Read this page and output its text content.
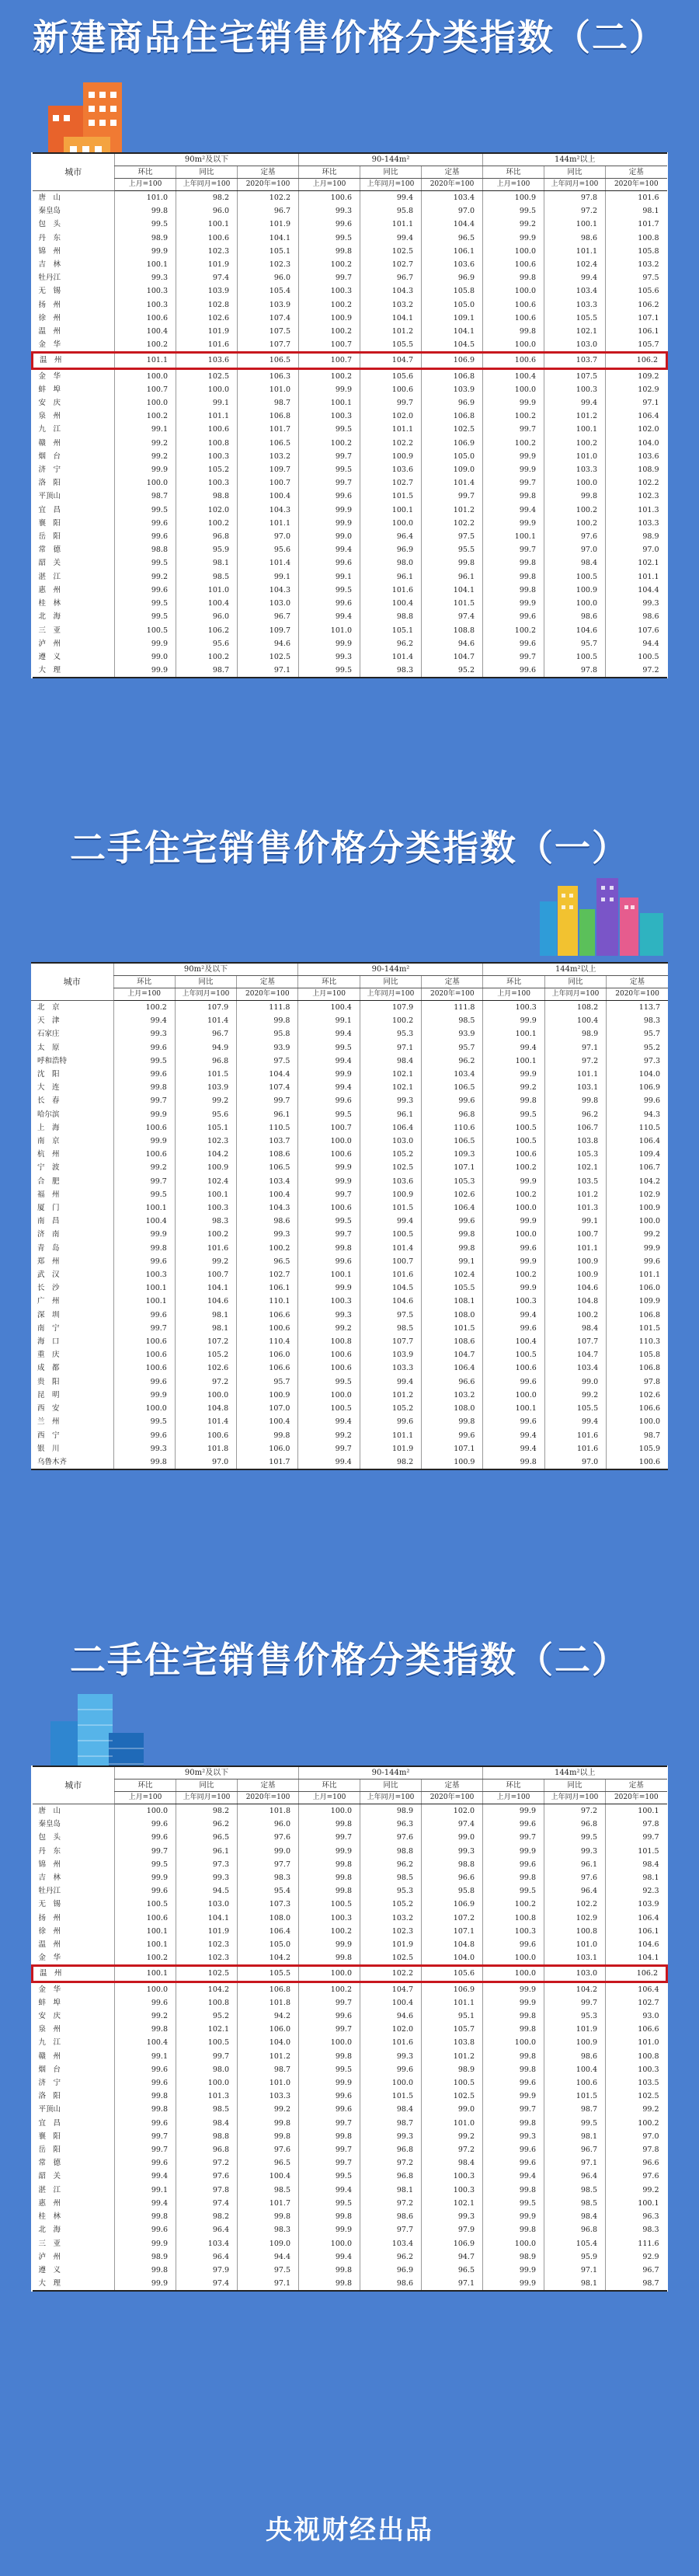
新建商品住宅销售价格分类指数（二）
城市	90m²及以下			90-144m²			144m²以上		
	环比	同比	定基	环比	同比	定基	环比	同比	定基
	上月=100	上年同月=100	2020年=100	上月=100	上年同月=100	2020年=100	上月=100	上年同月=100	2020年=100
唐　山	101.0	98.2	102.2	100.6	99.4	103.4	100.9	97.8	101.6
秦皇岛	99.8	96.0	96.7	99.3	95.8	97.0	99.5	97.2	98.1
包　头	99.5	100.1	101.9	99.6	101.1	104.4	99.2	100.1	101.7
丹　东	98.9	100.6	104.1	99.5	99.4	96.5	99.9	98.6	100.8
锦　州	99.9	102.3	105.1	99.8	102.5	106.1	100.0	101.1	105.8
吉　林	100.1	101.9	102.3	100.2	102.7	103.6	100.6	102.4	103.2
牡丹江	99.3	97.4	96.0	99.7	96.7	96.9	99.8	99.4	97.5
无　锡	100.3	103.9	105.4	100.3	104.3	105.8	100.0	103.4	105.6
扬　州	100.3	102.8	103.9	100.2	103.2	105.0	100.6	103.3	106.2
徐　州	100.6	102.6	107.4	100.9	104.1	109.1	100.6	105.5	107.1
温　州	100.4	101.9	107.5	100.2	101.2	104.1	99.8	102.1	106.1
金　华	100.2	101.6	107.7	100.7	105.5	104.5	100.0	103.0	105.7
温　州	101.1	103.6	106.5	100.7	104.7	106.9	100.6	103.7	106.2
金　华	100.0	102.5	106.3	100.2	105.6	106.8	100.4	107.5	109.2
蚌　埠	100.7	100.0	101.0	99.9	100.6	103.9	100.0	100.3	102.9
安　庆	100.0	99.1	98.7	100.1	99.7	96.9	99.9	99.4	97.1
泉　州	100.2	101.1	106.8	100.3	102.0	106.8	100.2	101.2	106.4
九　江	99.1	100.6	101.7	99.5	101.1	102.5	99.7	100.1	102.0
赣　州	99.2	100.8	106.5	100.2	102.2	106.9	100.2	100.2	104.0
烟　台	99.2	100.3	103.2	99.7	100.9	105.0	99.9	101.0	103.6
济　宁	99.9	105.2	109.7	99.5	103.6	109.0	99.9	103.3	108.9
洛　阳	100.0	100.3	100.7	99.7	102.7	101.4	99.7	100.0	102.2
平顶山	98.7	98.8	100.4	99.6	101.5	99.7	99.8	99.8	102.3
宜　昌	99.5	102.0	104.3	99.9	100.1	101.2	99.4	100.2	101.3
襄　阳	99.6	100.2	101.1	99.9	100.0	102.2	99.9	100.2	103.3
岳　阳	99.6	96.8	97.0	99.0	96.4	97.5	100.1	97.6	98.9
常　德	98.8	95.9	95.6	99.4	96.9	95.5	99.7	97.0	97.0
韶　关	99.5	98.1	101.4	99.6	98.0	99.8	99.8	98.4	102.1
湛　江	99.2	98.5	99.1	99.1	96.1	96.1	99.8	100.5	101.1
惠　州	99.6	101.0	104.3	99.5	101.6	104.1	99.8	100.9	104.4
桂　林	99.5	100.4	103.0	99.6	100.4	101.5	99.9	100.0	99.3
北　海	99.5	96.0	96.7	99.4	98.8	97.4	99.6	98.6	98.6
三　亚	100.5	106.2	109.7	101.0	105.1	108.8	100.2	104.6	107.6
泸　州	99.9	95.6	94.6	99.9	96.2	94.6	99.6	95.7	94.4
遵　义	99.0	100.2	102.5	99.3	101.4	104.7	99.7	100.5	100.5
大　理	99.9	98.7	97.1	99.5	98.3	95.2	99.6	97.8	97.2
二手住宅销售价格分类指数（一）
城市	90m²及以下			90-144m²			144m²以上		
	环比	同比	定基	环比	同比	定基	环比	同比	定基
	上月=100	上年同月=100	2020年=100	上月=100	上年同月=100	2020年=100	上月=100	上年同月=100	2020年=100
北　京	100.2	107.9	111.8	100.4	107.9	111.8	100.3	108.2	113.7
天　津	99.4	101.4	99.8	99.1	100.2	98.5	99.9	100.4	98.3
石家庄	99.3	96.7	95.8	99.4	95.3	93.9	100.1	98.9	95.7
太　原	99.6	94.9	93.9	99.5	97.1	95.7	99.4	97.1	95.2
呼和浩特	99.5	96.8	97.5	99.4	98.4	96.2	100.1	97.2	97.3
沈　阳	99.6	101.5	104.4	99.9	102.1	103.4	99.9	101.1	104.0
大　连	99.8	103.9	107.4	99.4	102.1	106.5	99.2	103.1	106.9
长　春	99.7	99.2	99.7	99.6	99.3	99.6	99.8	99.8	99.6
哈尔滨	99.9	95.6	96.1	99.5	96.1	96.8	99.5	96.2	94.3
上　海	100.6	105.1	110.5	100.7	106.4	110.6	100.5	106.7	110.5
南　京	99.9	102.3	103.7	100.0	103.0	106.5	100.5	103.8	106.4
杭　州	100.6	104.2	108.6	100.6	105.2	109.3	100.6	105.3	109.4
宁　波	99.2	100.9	106.5	99.9	102.5	107.1	100.2	102.1	106.7
合　肥	99.7	102.4	103.4	99.9	103.6	105.3	99.9	103.5	104.2
福　州	99.5	100.1	100.4	99.7	100.9	102.6	100.2	101.2	102.9
厦　门	100.1	100.3	104.3	100.6	101.5	106.4	100.0	101.3	100.9
南　昌	100.4	98.3	98.6	99.5	99.4	99.6	99.9	99.1	100.0
济　南	99.9	100.2	99.3	99.7	100.5	99.8	100.0	100.7	99.2
青　岛	99.8	101.6	100.2	99.8	101.4	99.8	99.6	101.1	99.9
郑　州	99.6	99.2	96.5	99.6	100.7	99.1	99.9	100.9	99.6
武　汉	100.3	100.7	102.7	100.1	101.6	102.4	100.2	100.9	101.1
长　沙	100.1	104.1	106.1	99.9	104.5	105.5	99.9	104.6	106.0
广　州	100.1	104.6	110.1	100.3	104.6	108.1	100.3	104.8	109.9
深　圳	99.6	98.1	106.6	99.3	97.5	108.0	99.4	100.2	106.8
南　宁	99.7	98.1	100.6	99.2	98.5	101.5	99.6	98.4	101.5
海　口	100.6	107.2	110.4	100.8	107.7	108.6	100.4	107.7	110.3
重　庆	100.6	105.2	106.0	100.6	103.9	104.7	100.5	104.7	105.8
成　都	100.6	102.6	106.6	100.6	103.3	106.4	100.6	103.4	106.8
贵　阳	99.6	97.2	95.7	99.5	99.4	96.6	99.6	99.0	97.8
昆　明	99.9	100.0	100.9	100.0	101.2	103.2	100.0	99.2	102.6
西　安	100.0	104.8	107.0	100.5	105.2	108.0	100.1	105.5	106.6
兰　州	99.5	101.4	100.4	99.4	99.6	99.8	99.6	99.4	100.0
西　宁	99.6	100.6	99.8	99.2	101.1	99.6	99.4	101.6	98.7
银　川	99.3	101.8	106.0	99.7	101.9	107.1	99.4	101.6	105.9
乌鲁木齐	99.8	97.0	101.7	99.4	98.2	100.9	99.8	97.0	100.6
二手住宅销售价格分类指数（二）
城市	90m²及以下			90-144m²			144m²以上		
	环比	同比	定基	环比	同比	定基	环比	同比	定基
	上月=100	上年同月=100	2020年=100	上月=100	上年同月=100	2020年=100	上月=100	上年同月=100	2020年=100
唐　山	100.0	98.2	101.8	100.0	98.9	102.0	99.9	97.2	100.1
秦皇岛	99.6	96.2	96.0	99.8	96.3	97.4	99.6	96.8	97.8
包　头	99.6	96.5	97.6	99.7	97.6	99.0	99.7	99.5	99.7
丹　东	99.7	96.1	99.0	99.9	98.8	99.3	99.9	99.3	101.5
锦　州	99.5	97.3	97.7	99.8	96.2	98.8	99.6	96.1	98.4
吉　林	99.9	99.3	98.3	99.8	98.5	96.6	99.8	97.6	98.1
牡丹江	99.6	94.5	95.4	99.8	95.3	95.8	99.5	96.4	92.3
无　锡	100.5	103.0	107.3	100.5	105.2	106.9	100.2	102.2	103.9
扬　州	100.6	104.1	108.0	100.3	103.2	107.2	100.8	102.9	106.4
徐　州	100.1	101.9	106.4	100.2	102.3	107.1	100.3	100.8	106.1
温　州	100.1	102.3	105.0	99.9	101.9	104.8	99.6	101.0	104.6
金　华	100.2	102.3	104.2	99.8	102.5	104.0	100.0	103.1	104.1
温　州	100.1	102.5	105.5	100.0	102.2	105.6	100.0	103.0	106.2
金　华	100.0	104.2	106.8	100.2	104.7	106.9	99.9	104.2	106.4
蚌　埠	99.6	100.8	101.8	99.7	100.4	101.1	99.9	99.7	102.7
安　庆	99.2	95.2	94.2	99.6	94.6	95.1	99.8	95.3	93.0
泉　州	99.8	102.1	106.0	99.7	102.0	105.7	99.8	101.9	106.6
九　江	100.4	100.5	104.0	100.0	101.6	103.8	100.0	100.9	101.0
赣　州	99.1	99.7	101.2	99.8	99.3	101.2	99.8	98.6	100.8
烟　台	99.6	98.0	98.7	99.5	99.6	98.9	99.8	100.4	100.3
济　宁	99.6	100.0	101.0	99.9	100.0	100.5	99.6	100.6	103.5
洛　阳	99.8	101.3	103.3	99.6	101.5	102.5	99.9	101.5	102.5
平顶山	99.8	98.5	99.2	99.6	98.4	99.0	99.7	98.7	99.2
宜　昌	99.6	98.4	99.8	99.7	98.7	101.0	99.8	99.5	100.2
襄　阳	99.7	98.8	99.8	99.8	99.3	99.2	99.3	98.1	97.0
岳　阳	99.7	96.8	97.6	99.7	96.8	97.2	99.6	96.7	97.8
常　德	99.6	97.2	96.5	99.7	97.2	98.4	99.6	97.1	96.6
韶　关	99.4	97.6	100.4	99.5	96.8	100.3	99.4	96.4	97.6
湛　江	99.1	97.8	98.5	99.4	98.1	100.3	99.8	98.5	99.2
惠　州	99.4	97.4	101.7	99.5	97.2	102.1	99.5	98.5	100.1
桂　林	99.8	98.2	99.8	99.8	98.6	99.3	99.9	98.4	96.3
北　海	99.6	96.4	98.3	99.9	97.7	97.9	99.8	96.8	98.3
三　亚	99.9	103.4	109.0	100.0	103.4	106.9	100.0	105.4	111.6
泸　州	98.9	96.4	94.4	99.4	96.2	94.7	98.9	95.9	92.9
遵　义	99.8	97.9	97.5	99.8	96.9	96.5	99.9	97.1	96.7
大　理	99.9	97.4	97.1	99.8	98.6	97.1	99.9	98.1	98.7
央视财经出品
